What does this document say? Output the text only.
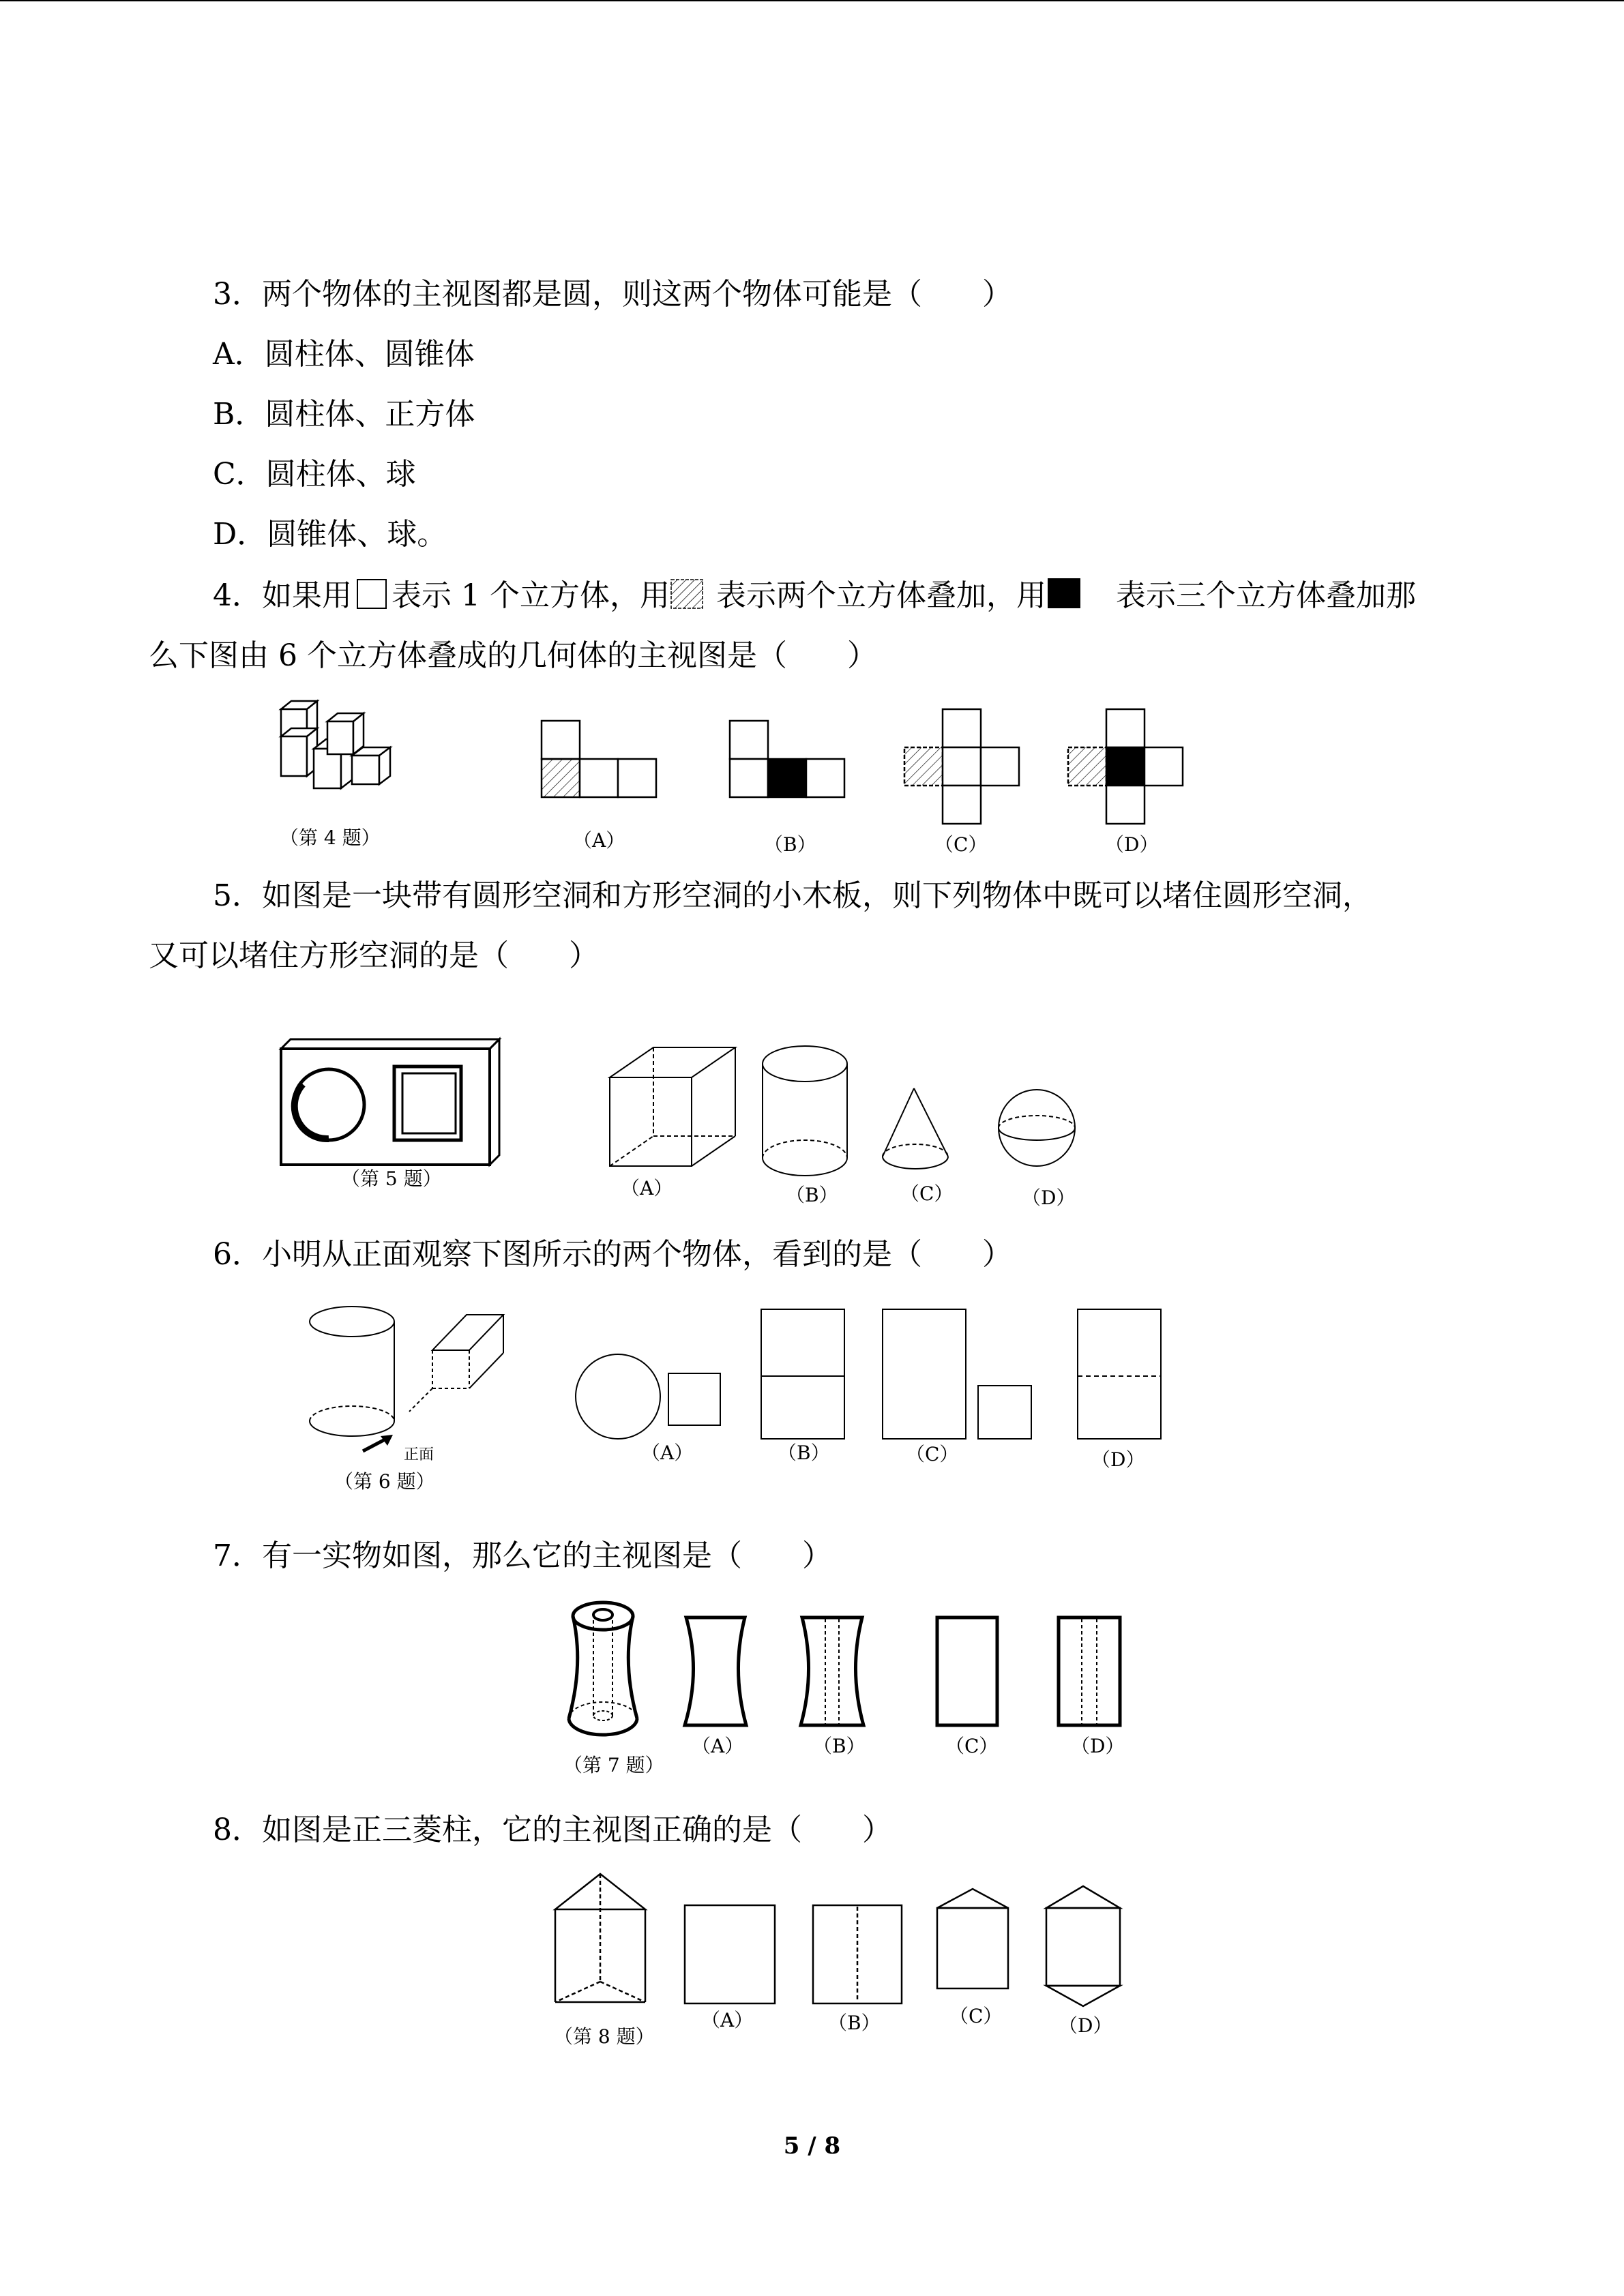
3．两个物体的主视图都是圆，则这两个物体可能是（　　）
A．圆柱体、圆锥体
B．圆柱体、正方体
C．圆柱体、球
D．圆锥体、球。
4．如果用 表示 1 个立方体，用 表示两个立方体叠加，用 表示三个立方体叠加那
么下图由 6 个立方体叠成的几何体的主视图是（　　）
（第 4 题）	（A）	（B）	（C）	（D）
5．如图是一块带有圆形空洞和方形空洞的小木板，则下列物体中既可以堵住圆形空洞，
又可以堵住方形空洞的是（　　）
（第 5 题）	（A）	（B）	（C）	（D）
6．小明从正面观察下图所示的两个物体，看到的是（　　）
正面
（第 6 题）
（A）	（B）	（C）	（D）
7．有一实物如图，那么它的主视图是（　　）
（第 7 题）
（A）	（B）	（C）	（D）
8．如图是正三菱柱，它的主视图正确的是（　　）
（第 8 题）
（A）	（B）	（C）	（D）
5 / 8
